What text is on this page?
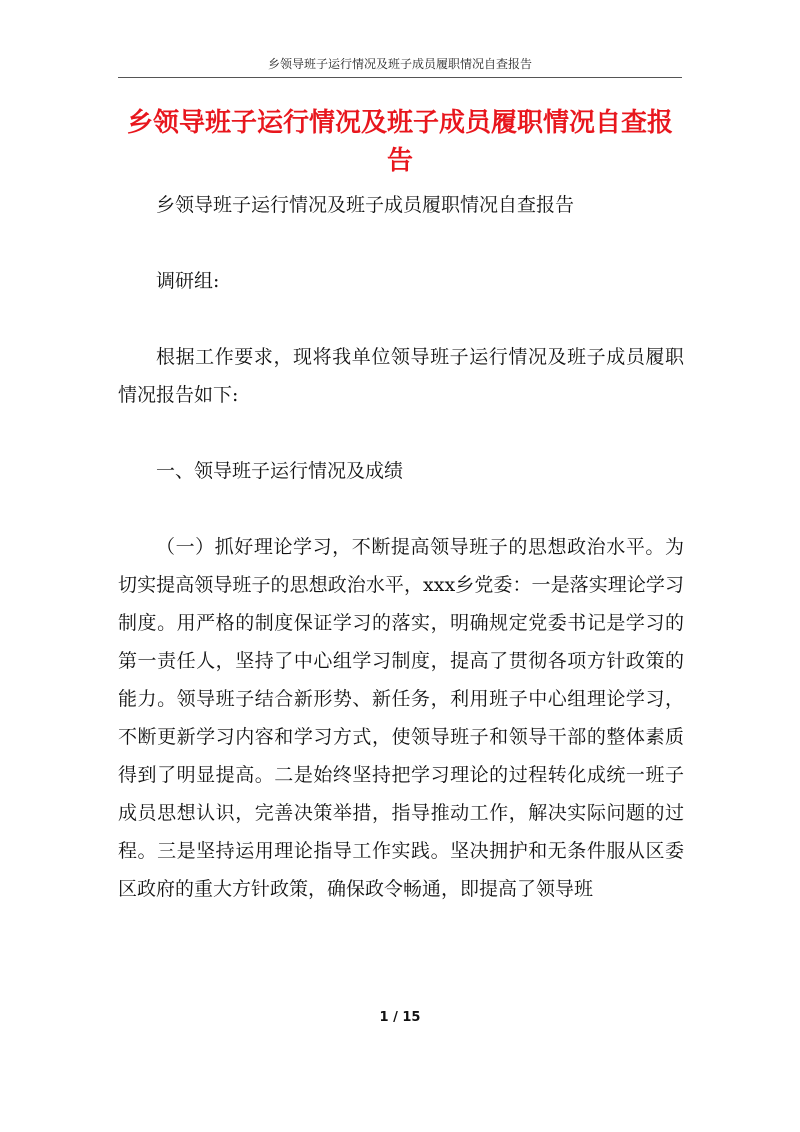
乡领导班子运行情况及班子成员履职情况自查报告
乡领导班子运行情况及班子成员履职情况自查报告

乡领导班子运行情况及班子成员履职情况自查报告

调研组:

根据工作要求，现将我单位领导班子运行情况及班子成员履职情况报告如下:

一、领导班子运行情况及成绩

（一）抓好理论学习，不断提高领导班子的思想政治水平。为切实提高领导班子的思想政治水平，xxx乡党委：一是落实理论学习制度。用严格的制度保证学习的落实，明确规定党委书记是学习的第一责任人，坚持了中心组学习制度，提高了贯彻各项方针政策的能力。领导班子结合新形势、新任务，利用班子中心组理论学习，不断更新学习内容和学习方式，使领导班子和领导干部的整体素质得到了明显提高。二是始终坚持把学习理论的过程转化成统一班子成员思想认识，完善决策举措，指导推动工作，解决实际问题的过程。三是坚持运用理论指导工作实践。坚决拥护和无条件服从区委区政府的重大方针政策，确保政令畅通，即提高了领导班

1 / 15
